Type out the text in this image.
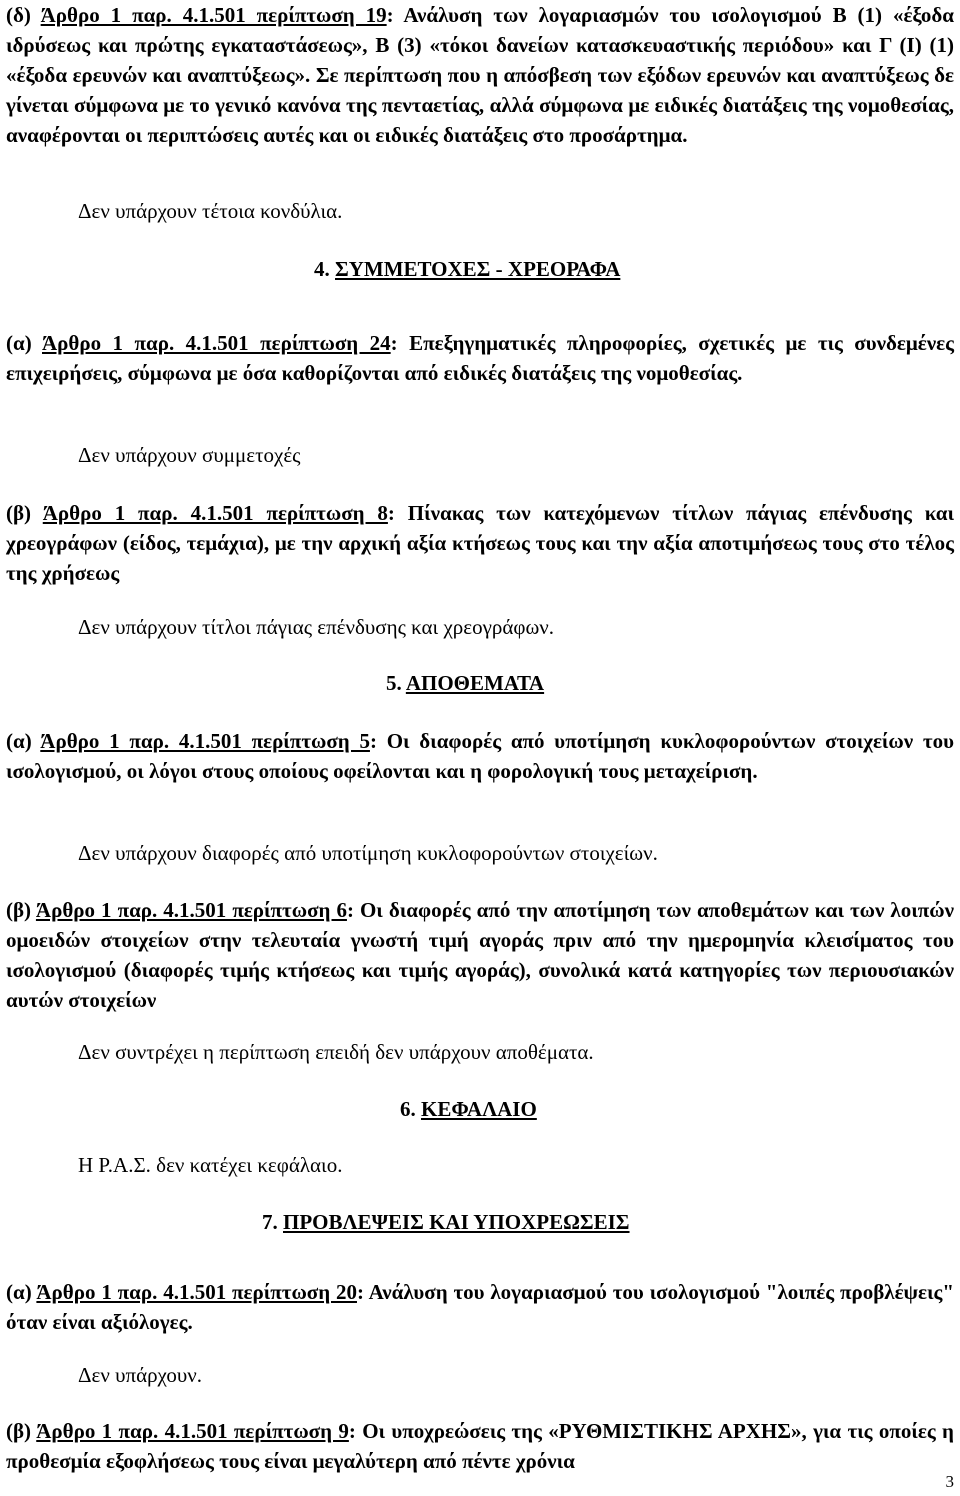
(δ) Άρθρο 1 παρ. 4.1.501 περίπτωση 19: Ανάλυση των λογαριασμών του ισολογισμού Β (1) «έξοδα ιδρύσεως και πρώτης εγκαταστάσεως», Β (3) «τόκοι δανείων κατασκευαστικής περιόδου» και Γ (Ι) (1) «έξοδα ερευνών και αναπτύξεως». Σε περίπτωση που η απόσβεση των εξόδων ερευνών και αναπτύξεως δε γίνεται σύμφωνα με το γενικό κανόνα της πενταετίας, αλλά σύμφωνα με ειδικές διατάξεις της νομοθεσίας, αναφέρονται οι περιπτώσεις αυτές και οι ειδικές διατάξεις στο προσάρτημα.

Δεν υπάρχουν τέτοια κονδύλια.

4. ΣΥΜΜΕΤΟΧΕΣ - ΧΡΕΟΡΑΦΑ

(α) Άρθρο 1 παρ. 4.1.501 περίπτωση 24: Επεξηγηματικές πληροφορίες, σχετικές με τις συνδεμένες επιχειρήσεις, σύμφωνα με όσα καθορίζονται από ειδικές διατάξεις της νομοθεσίας.

Δεν υπάρχουν συμμετοχές

(β) Άρθρο 1 παρ. 4.1.501 περίπτωση 8: Πίνακας των κατεχόμενων τίτλων πάγιας επένδυσης και χρεογράφων (είδος, τεμάχια), με την αρχική αξία κτήσεως τους και την αξία αποτιμήσεως τους στο τέλος της χρήσεως

Δεν υπάρχουν τίτλοι πάγιας επένδυσης και χρεογράφων.

5. ΑΠΟΘΕΜΑΤΑ

(α) Άρθρο 1 παρ. 4.1.501 περίπτωση 5: Οι διαφορές από υποτίμηση κυκλοφορούντων στοιχείων του ισολογισμού, οι λόγοι στους οποίους οφείλονται και η φορολογική τους μεταχείριση.

Δεν υπάρχουν διαφορές από υποτίμηση κυκλοφορούντων στοιχείων.

(β) Άρθρο 1 παρ. 4.1.501 περίπτωση 6: Οι διαφορές από την αποτίμηση των αποθεμάτων και των λοιπών ομοειδών στοιχείων στην τελευταία γνωστή τιμή αγοράς πριν από την ημερομηνία κλεισίματος του ισολογισμού (διαφορές τιμής κτήσεως και τιμής αγοράς), συνολικά κατά κατηγορίες των περιουσιακών αυτών στοιχείων

Δεν συντρέχει η περίπτωση επειδή δεν υπάρχουν αποθέματα.

6. ΚΕΦΑΛΑΙΟ

Η Ρ.Α.Σ. δεν κατέχει κεφάλαιο.

7. ΠΡΟΒΛΕΨΕΙΣ ΚΑΙ ΥΠΟΧΡΕΩΣΕΙΣ

(α) Άρθρο 1 παρ. 4.1.501 περίπτωση 20: Ανάλυση του λογαριασμού του ισολογισμού "λοιπές προβλέψεις" όταν είναι αξιόλογες.

Δεν υπάρχουν.

(β) Άρθρο 1 παρ. 4.1.501 περίπτωση 9: Οι υποχρεώσεις της «ΡΥΘΜΙΣΤΙΚΗΣ ΑΡΧΗΣ», για τις οποίες η προθεσμία εξοφλήσεως τους είναι μεγαλύτερη από πέντε χρόνια

3
